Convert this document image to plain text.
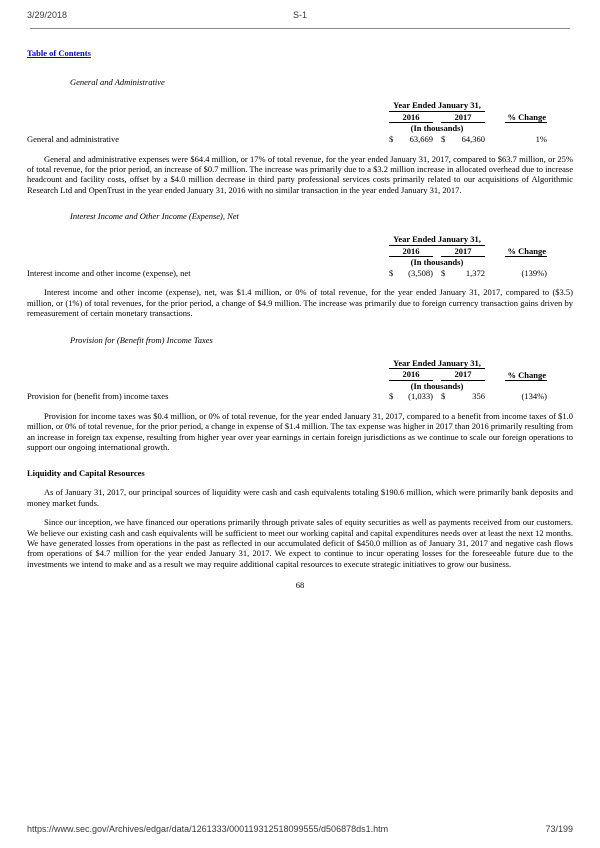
3/29/2018	S-1
Table of Contents
General and Administrative
	Year Ended January 31,							
	2016			2017			% Change	
	(In thousands)							
General and administrative	$	63,669		$	64,360		1%	

General and administrative expenses were $64.4 million, or 17% of total revenue, for the year ended January 31, 2017, compared to $63.7 million, or 25% of total revenue, for the prior period, an increase of $0.7 million. The increase was primarily due to a $3.2 million increase in allocated overhead due to increase headcount and facility costs, offset by a $4.0 million decrease in third party professional services costs primarily related to our acquisitions of Algorithmic Research Ltd and OpenTrust in the year ended January 31, 2016 with no similar transaction in the year ended January 31, 2017.

Interest Income and Other Income (Expense), Net
	Year Ended January 31,							
	2016			2017			% Change	
	(In thousands)							
Interest income and other income (expense), net	$	(3,508)		$	1,372		(139%)	

Interest income and other income (expense), net, was $1.4 million, or 0% of total revenue, for the year ended January 31, 2017, compared to ($3.5) million, or (1%) of total revenues, for the prior period, a change of $4.9 million. The increase was primarily due to foreign currency transaction gains driven by remeasurement of certain monetary transactions.

Provision for (Benefit from) Income Taxes
	Year Ended January 31,							
	2016			2017			% Change	
	(In thousands)							
Provision for (benefit from) income taxes	$	(1,033)		$	356		(134%)	

Provision for income taxes was $0.4 million, or 0% of total revenue, for the year ended January 31, 2017, compared to a benefit from income taxes of $1.0 million, or 0% of total revenue, for the prior period, a change in expense of $1.4 million. The tax expense was higher in 2017 than 2016 primarily resulting from an increase in foreign tax expense, resulting from higher year over year earnings in certain foreign jurisdictions as we continue to scale our foreign operations to support our ongoing international growth.

Liquidity and Capital Resources

As of January 31, 2017, our principal sources of liquidity were cash and cash equivalents totaling $190.6 million, which were primarily bank deposits and money market funds.

Since our inception, we have financed our operations primarily through private sales of equity securities as well as payments received from our customers. We believe our existing cash and cash equivalents will be sufficient to meet our working capital and capital expenditures needs over at least the next 12 months. We have generated losses from operations in the past as reflected in our accumulated deficit of $450.0 million as of January 31, 2017 and negative cash flows from operations of $4.7 million for the year ended January 31, 2017. We expect to continue to incur operating losses for the foreseeable future due to the investments we intend to make and as a result we may require additional capital resources to execute strategic initiatives to grow our business.

68
https://www.sec.gov/Archives/edgar/data/1261333/000119312518099555/d506878ds1.htm	73/199
